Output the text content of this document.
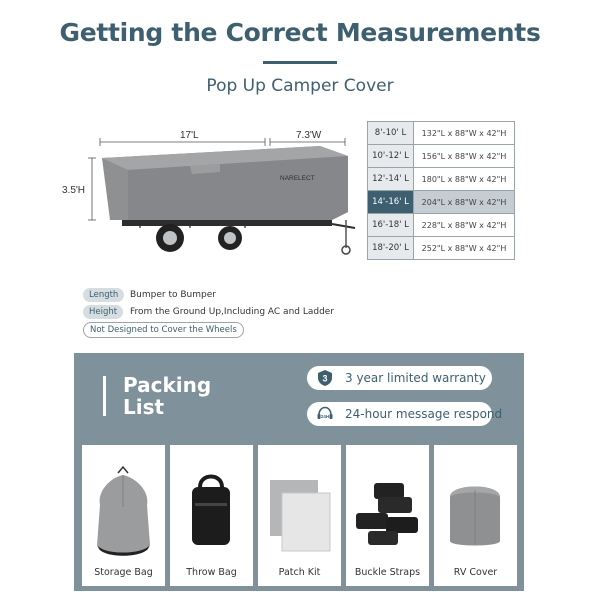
Getting the Correct Measurements
Pop Up Camper Cover
17'L	7.3'W
3.5'H
NARELECT
8'-10' L	132"L x 88"W x 42"H
10'-12' L	156"L x 88"W x 42"H
12'-14' L	180"L x 88"W x 42"H
14'-16' L	204"L x 88"W x 42"H
16'-18' L	228"L x 88"W x 42"H
18'-20' L	252"L x 88"W x 42"H
Length	Bumper to Bumper
Height	From the Ground Up,Including AC and Ladder
Not Designed to Cover the Wheels
Packing
List
3 3 year limited warranty
24H 24-hour message respond
Storage Bag	Throw Bag	Patch Kit	Buckle Straps	RV Cover
